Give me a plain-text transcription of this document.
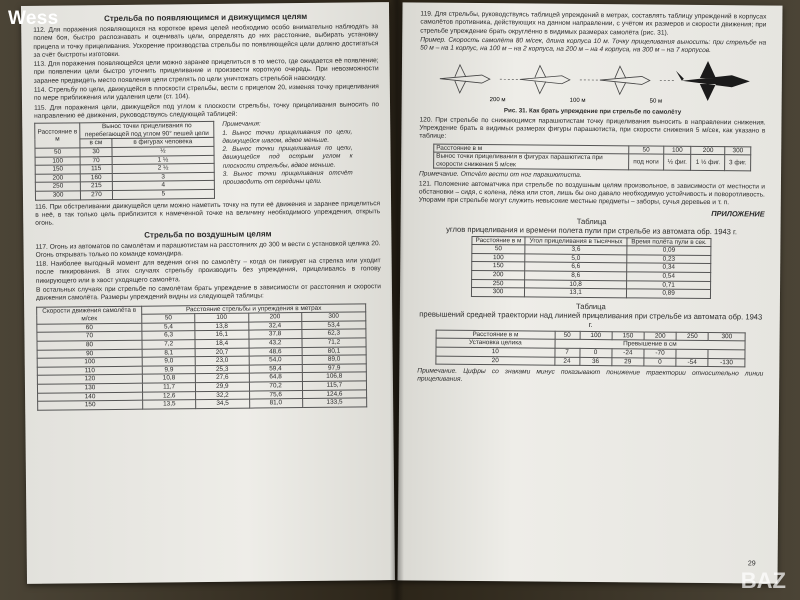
Стрельба по появляющимся и движущимся целям

112. Для поражения появляющихся на короткое время целей необходимо особо внимательно наблюдать за полем боя, быстро распознавать и оценивать цели, определять до них расстояние, выбирать установку прицела и точку прицеливания. Ускорение производства стрельбы по появляющейся цели должно достигаться за счёт быстроты изготовки.

113. Для поражения появляющейся цели можно заранее прицелиться в то место, где ожидается её появление; при появлении цели быстро уточнить прицеливание и произвести короткую очередь. При невозможности заранее предвидеть место появления цели стрелять по цели уничтожать стрельбой навскидку.

114. Стрельбу по цели, движущейся в плоскости стрельбы, вести с прицелом 20, изменяя точку прицеливания по мере приближения или удаления цели (ст. 104).

115. Для поражения цели, движущейся под углом к плоскости стрельбы, точку прицеливания выносить по направлению её движения, руководствуясь следующей таблицей:

Расстояние в м	Вынос точки прицеливания по перебегающей под углом 90° пешей цели	
	в см	в фигурах человека
50	30	½
100	70	1 ½
150	115	2 ½
200	160	3
250	215	4
300	270	5
Примечания:
1. Вынос точки прицеливания по цели, движущейся шагом, вдвое меньше.
2. Вынос точки прицеливания по цели, движущейся под острым углом к плоскости стрельбы, вдвое меньше.
3. Вынос точки прицеливания отсчёт производить от середины цели.

116. При обстреливании движущейся цели можно наметить точку на пути её движения и заранее прицелиться в неё, в так только цель приблизится к намеченной точке на величину необходимого упреждения, открыть огонь.

Стрельба по воздушным целям

117. Огонь из автоматов по самолётам и парашютистам на расстояниях до 300 м вести с установкой целика 20. Огонь открывать только по команде командира.

118. Наиболее выгодный момент для ведения огня по самолёту – когда он пикирует на стрелка или уходит после пикирования. В этих случаях стрельбу производить без упреждения, прицеливаясь в голову пикирующего или в хвост уходящего самолёта.

В остальных случаях при стрельбе по самолётам брать упреждение в зависимости от расстояния и скорости движения самолёта. Размеры упреждений видны из следующей таблицы:

Скорости движения самолёта в м/сек	Расстояние стрельбы и упреждения в метрах			
	50	100	200	300
60	5,4	13,8	32,4	53,4
70	6,3	16,1	37,8	62,3
80	7,2	18,4	43,2	71,2
90	8,1	20,7	48,6	80,1
100	9,0	23,0	54,0	89,0
110	9,9	25,3	59,4	97,9
120	10,8	27,6	64,8	106,8
130	11,7	29,9	70,2	115,7
140	12,6	32,2	75,6	124,6
150	13,5	34,5	81,0	133,5

119. Для стрельбы, руководствуясь таблицей упреждений в метрах, составлять таблицу упреждений в корпусах самолётов противника, действующих на данном направлении, с учётом их размеров и скорости движения; при стрельбе упреждение брать округлённо в видимых размерах самолёта (рис. 31).

Пример. Скорость самолёта 80 м/сек, длина корпуса 10 м. Точку прицеливания выносить: при стрельбе на 50 м – на 1 корпус, на 100 м – на 2 корпуса, на 200 м – на 4 корпуса, на 300 м – на 7 корпусов.

200 м	100 м	50 м
Рис. 31. Как брать упреждение при стрельбе по самолёту

120. При стрельбе по снижающимся парашютистам точку прицеливания выносить в направлении снижения. Упреждение брать в видимых размерах фигуры парашютиста, при скорости снижения 5 м/сек, как указано в таблице:

Расстояние в м	50	100	200	300
Вынос точки прицеливания в фигурах парашютиста при скорости снижения 5 м/сек	под ноги	½ фиг.	1 ½ фиг.	3 фиг.

Примечание. Отсчёт вести от ног парашютиста.

121. Положение автоматчика при стрельбе по воздушным целям произвольное, в зависимости от местности и обстановки – сидя, с колена, лёжа или стоя, лишь бы оно давало необходимую устойчивость и поворотливость. Упорами при стрельбе могут служить невысокие местные предметы – заборы, сучья деревьев и т. п.

ПРИЛОЖЕНИЕ
Таблица
углов прицеливания и времени полета пули при стрельбе из автомата обр. 1943 г.
Расстояние в м	Угол прицеливания в тысячных	Время полёта пули в сек.
50	3,6	0,09
100	5,0	0,23
150	6,6	0,34
200	8,6	0,54
250	10,8	0,71
300	13,1	0,89
Таблица
превышений средней траектории над линией прицеливания при стрельбе из автомата обр. 1943 г.
Расстояние в м	50	100	150	200	250	300
Установка целика	Превышение в см					
10	7	0	-24	-70		
20	24	36	29	0	-54	-130

Примечание. Цифры со знаками минус показывают понижение траектории относительно линии прицеливания.

29
Wess
BAZ
